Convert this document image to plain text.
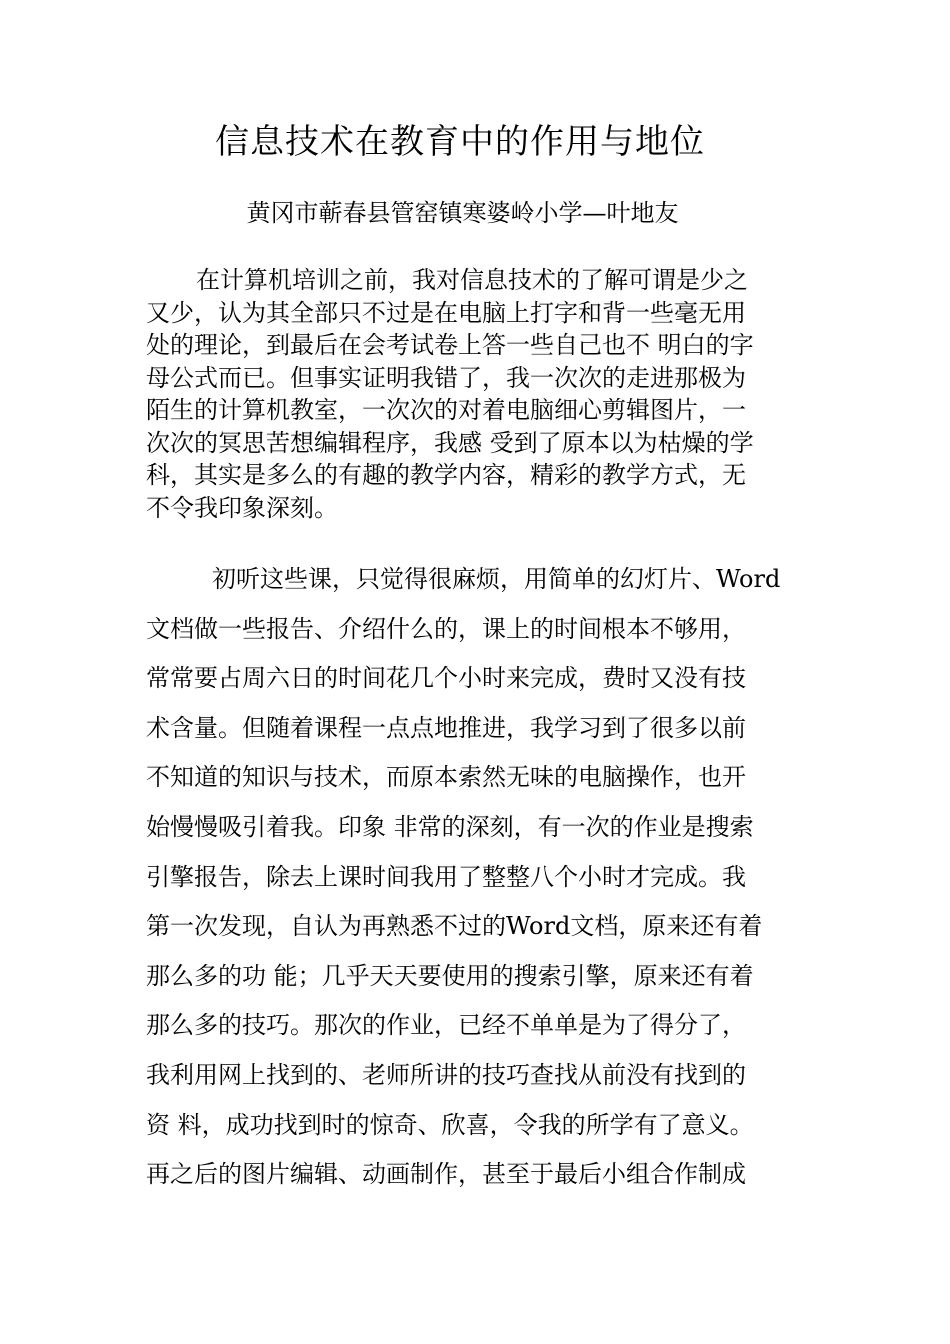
信息技术在教育中的作用与地位
黄冈市蕲春县管窑镇寒婆岭小学—叶地友
在计算机培训之前，我对信息技术的了解可谓是少之
又少，认为其全部只不过是在电脑上打字和背一些毫无用
处的理论，到最后在会考试卷上答一些自己也不 明白的字
母公式而已。但事实证明我错了，我一次次的走进那极为
陌生的计算机教室，一次次的对着电脑细心剪辑图片，一
次次的冥思苦想编辑程序，我感 受到了原本以为枯燥的学
科，其实是多么的有趣的教学内容，精彩的教学方式，无
不令我印象深刻。
初听这些课，只觉得很麻烦，用简单的幻灯片、Word
文档做一些报告、介绍什么的，课上的时间根本不够用，
常常要占周六日的时间花几个小时来完成，费时又没有技
术含量。但随着课程一点点地推进，我学习到了很多以前
不知道的知识与技术，而原本索然无味的电脑操作，也开
始慢慢吸引着我。印象 非常的深刻，有一次的作业是搜索
引擎报告，除去上课时间我用了整整八个小时才完成。我
第一次发现，自认为再熟悉不过的Word文档，原来还有着
那么多的功 能；几乎天天要使用的搜索引擎，原来还有着
那么多的技巧。那次的作业，已经不单单是为了得分了，
我利用网上找到的、老师所讲的技巧查找从前没有找到的
资 料，成功找到时的惊奇、欣喜，令我的所学有了意义。
再之后的图片编辑、动画制作，甚至于最后小组合作制成
